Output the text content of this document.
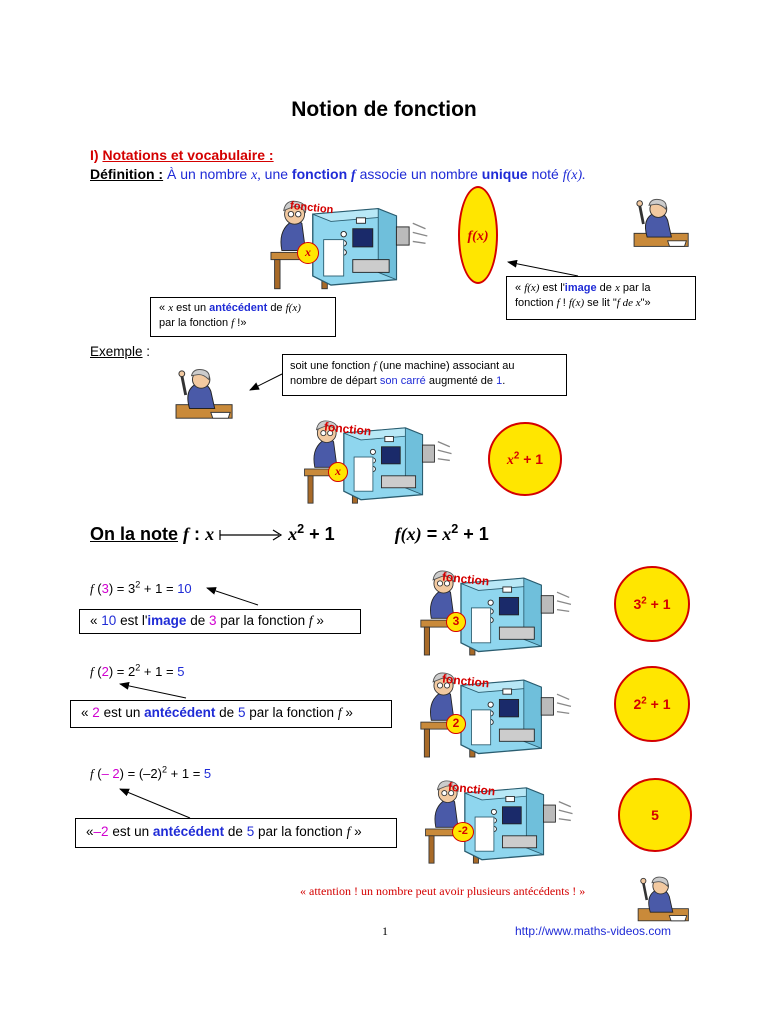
Notion de fonction
I) Notations et vocabulaire :
Définition : À un nombre x, une fonction f associe un nombre unique noté f(x).
fonction
x
f(x)
« x est un antécédent de f(x)
par la fonction f !»
« f(x) est l'image de x par la
fonction f ! f(x) se lit "f de x"»
Exemple :
soit une fonction f (une machine) associant au
nombre de départ son carré augmenté de 1.
fonction
x
$x^2 + 1$
On la note f : x	$x^2 + 1$	$f(x) = x^2 + 1$
f $(3) = 3^2 + 1 = 10$
« 10 est l'image de 3 par la fonction f »
fonction
3
$3^2 + 1$
f $(2) = 2^2 + 1 = 5$
« 2 est un antécédent de 5 par la fonction f »
fonction
2
$2^2 + 1$
f (– $2) = (-2)^2 + 1 = 5$
«–2 est un antécédent de 5 par la fonction f »
fonction
-2
5
« attention ! un nombre peut avoir plusieurs antécédents ! »
1	http://www.maths-videos.com
